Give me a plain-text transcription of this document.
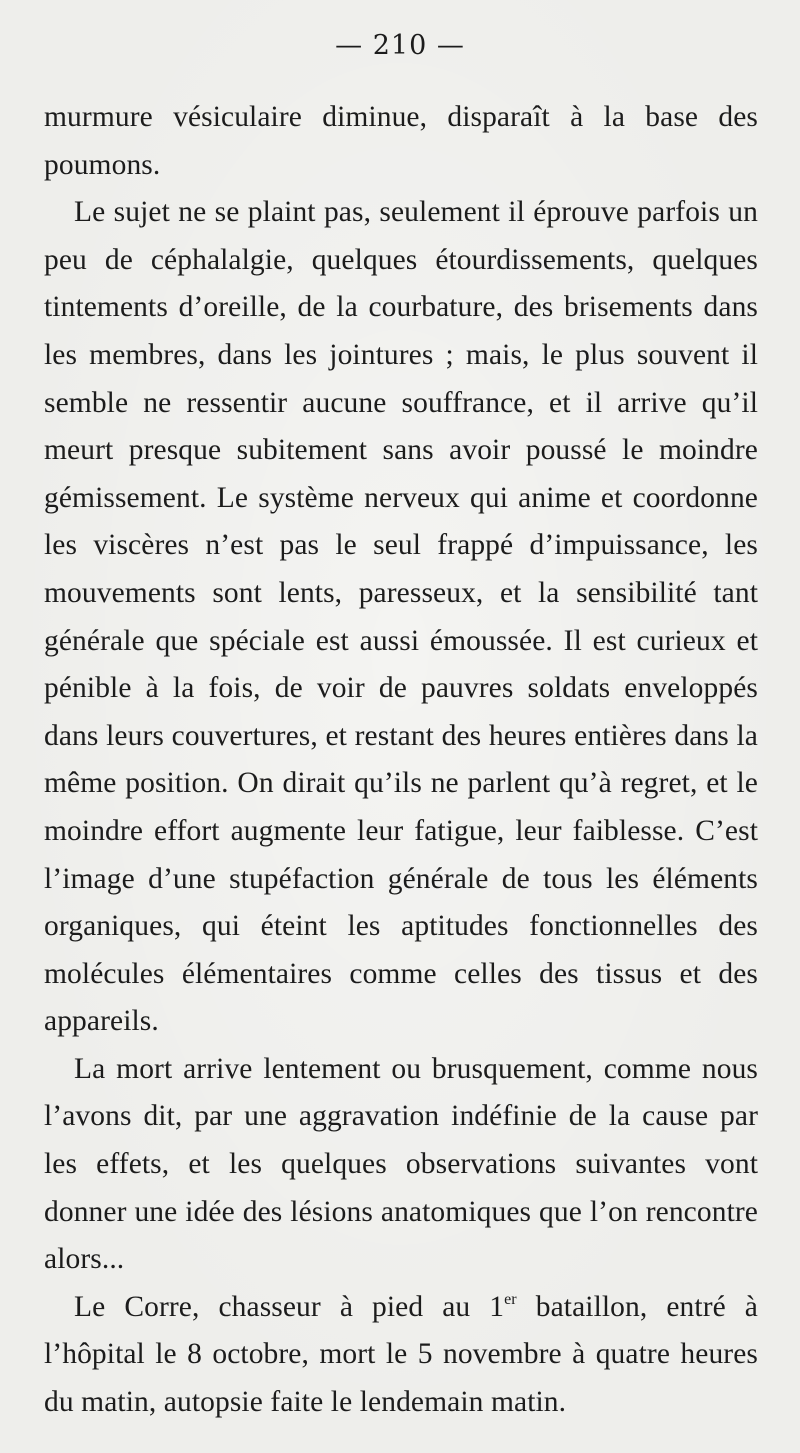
— 210 —

murmure vésiculaire diminue, disparaît à la base des poumons.

Le sujet ne se plaint pas, seulement il éprouve parfois un peu de céphalalgie, quelques étourdissements, quelques tintements d’oreille, de la courbature, des brisements dans les membres, dans les jointures ; mais, le plus souvent il semble ne ressentir aucune souffrance, et il arrive qu’il meurt presque subitement sans avoir poussé le moindre gémissement. Le système nerveux qui anime et coordonne les viscères n’est pas le seul frappé d’impuissance, les mouvements sont lents, paresseux, et la sensibilité tant générale que spéciale est aussi émoussée. Il est curieux et pénible à la fois, de voir de pauvres soldats enveloppés dans leurs couvertures, et restant des heures entières dans la même position. On dirait qu’ils ne parlent qu’à regret, et le moindre effort augmente leur fatigue, leur faiblesse. C’est l’image d’une stupéfaction générale de tous les éléments organiques, qui éteint les aptitudes fonctionnelles des molécules élémentaires comme celles des tissus et des appareils.

La mort arrive lentement ou brusquement, comme nous l’avons dit, par une aggravation indéfinie de la cause par les effets, et les quelques observations suivantes vont donner une idée des lésions anatomiques que l’on rencontre alors...

Le Corre, chasseur à pied au 1er bataillon, entré à l’hôpital le 8 octobre, mort le 5 novembre à quatre heures du matin, autopsie faite le lendemain matin.
